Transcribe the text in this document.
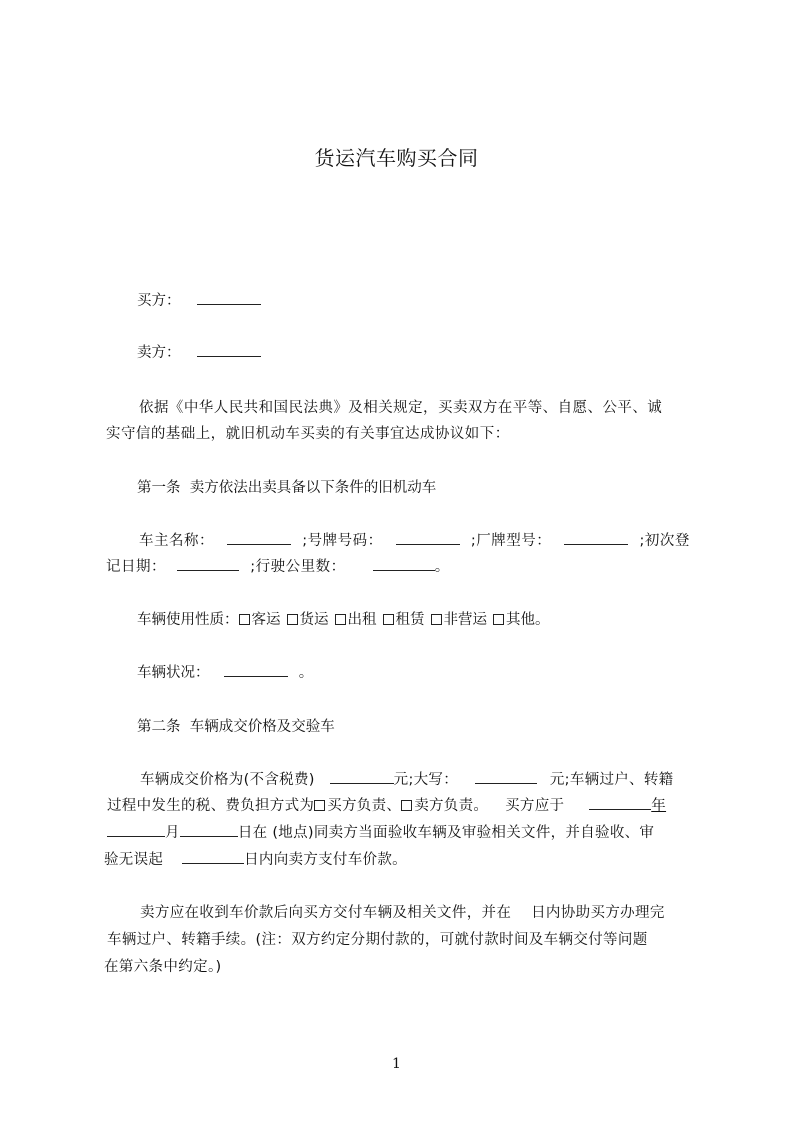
货运汽车购买合同
买方：
卖方：
依据《中华人民共和国民法典》及相关规定，买卖双方在平等、自愿、公平、诚
实守信的基础上，就旧机动车买卖的有关事宜达成协议如下：
第一条  卖方依法出卖具备以下条件的旧机动车
车主名称：	;号牌号码：	;厂牌型号：	;初次登
记日期：	;行驶公里数：	。
车辆使用性质： 客运 货运 出租 租赁 非营运 其他。
车辆状况：	。
第二条  车辆成交价格及交验车
车辆成交价格为(不含税费)	元;大写：	元;车辆过户、转籍
过程中发生的税、费负担方式为 买方负责、 卖方负责。 买方应于	年
月	日在 (地点)同卖方当面验收车辆及审验相关文件，并自验收、审
验无误起	日内向卖方支付车价款。
卖方应在收到车价款后向买方交付车辆及相关文件，并在    日内协助买方办理完
车辆过户、转籍手续。(注：双方约定分期付款的，可就付款时间及车辆交付等问题
在第六条中约定。)
1
